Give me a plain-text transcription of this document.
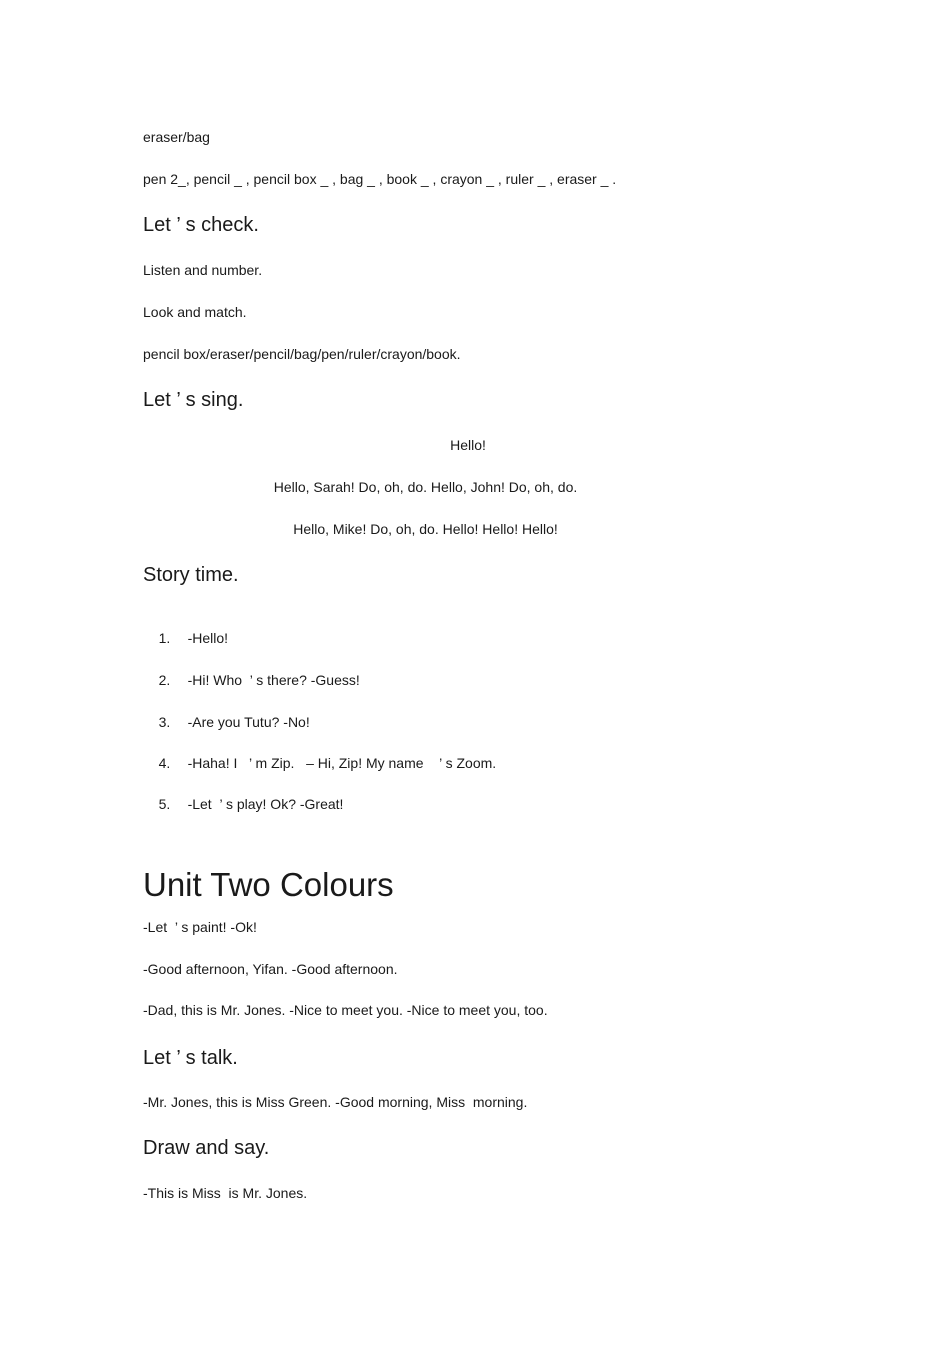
eraser/bag
pen 2_, pencil _ , pencil box _ , bag _ , book _ , crayon _ , ruler _ , eraser _ .
Let ’ s check.
Listen and number.
Look and match.
pencil box/eraser/pencil/bag/pen/ruler/crayon/book.
Let ’ s sing.
Hello!
Hello, Sarah! Do, oh, do. Hello, John! Do, oh, do.
Hello, Mike! Do, oh, do. Hello! Hello! Hello!
Story time.

1. -Hello!

2. -Hi! Who  ’ s there? -Guess!

3. -Are you Tutu? -No!

4. -Haha! I   ’ m Zip.   – Hi, Zip! My name    ’ s Zoom.

5. -Let  ’ s play! Ok? -Great!

Unit Two Colours
-Let  ’ s paint! -Ok!
-Good afternoon, Yifan. -Good afternoon.
-Dad, this is Mr. Jones. -Nice to meet you. -Nice to meet you, too.
Let ’ s talk.
-Mr. Jones, this is Miss Green. -Good morning, Miss  morning.
Draw and say.
-This is Miss  is Mr. Jones.
